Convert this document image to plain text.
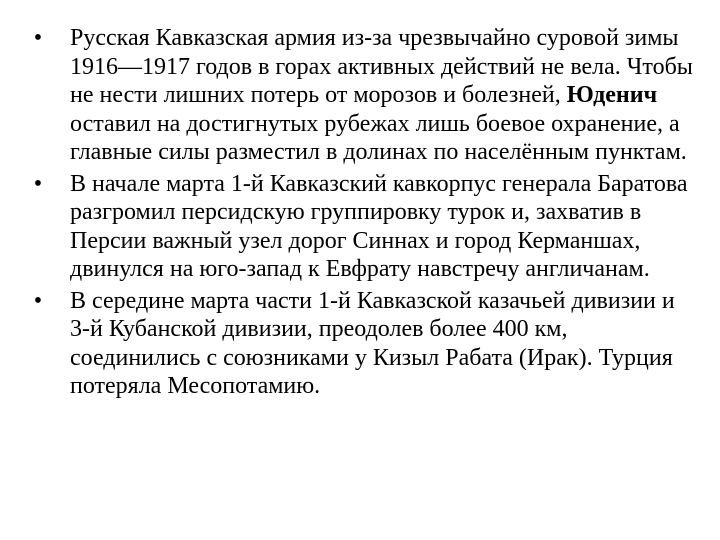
• Русская Кавказская армия из-за чрезвычайно суровой зимы 1916—1917 годов в горах активных действий не вела. Чтобы не нести лишних потерь от морозов и болезней, Юденич оставил на достигнутых рубежах лишь боевое охранение, а главные силы разместил в долинах по населённым пунктам.
• В начале марта 1-й Кавказский кавкорпус генерала Баратова разгромил персидскую группировку турок и, захватив в Персии важный узел дорог Синнах и город Керманшах, двинулся на юго-запад к Евфрату навстречу англичанам.
• В середине марта части 1-й Кавказской казачьей дивизии и 3-й Кубанской дивизии, преодолев более 400 км, соединились с союзниками у Кизыл Рабата (Ирак). Турция потеряла Месопотамию.
